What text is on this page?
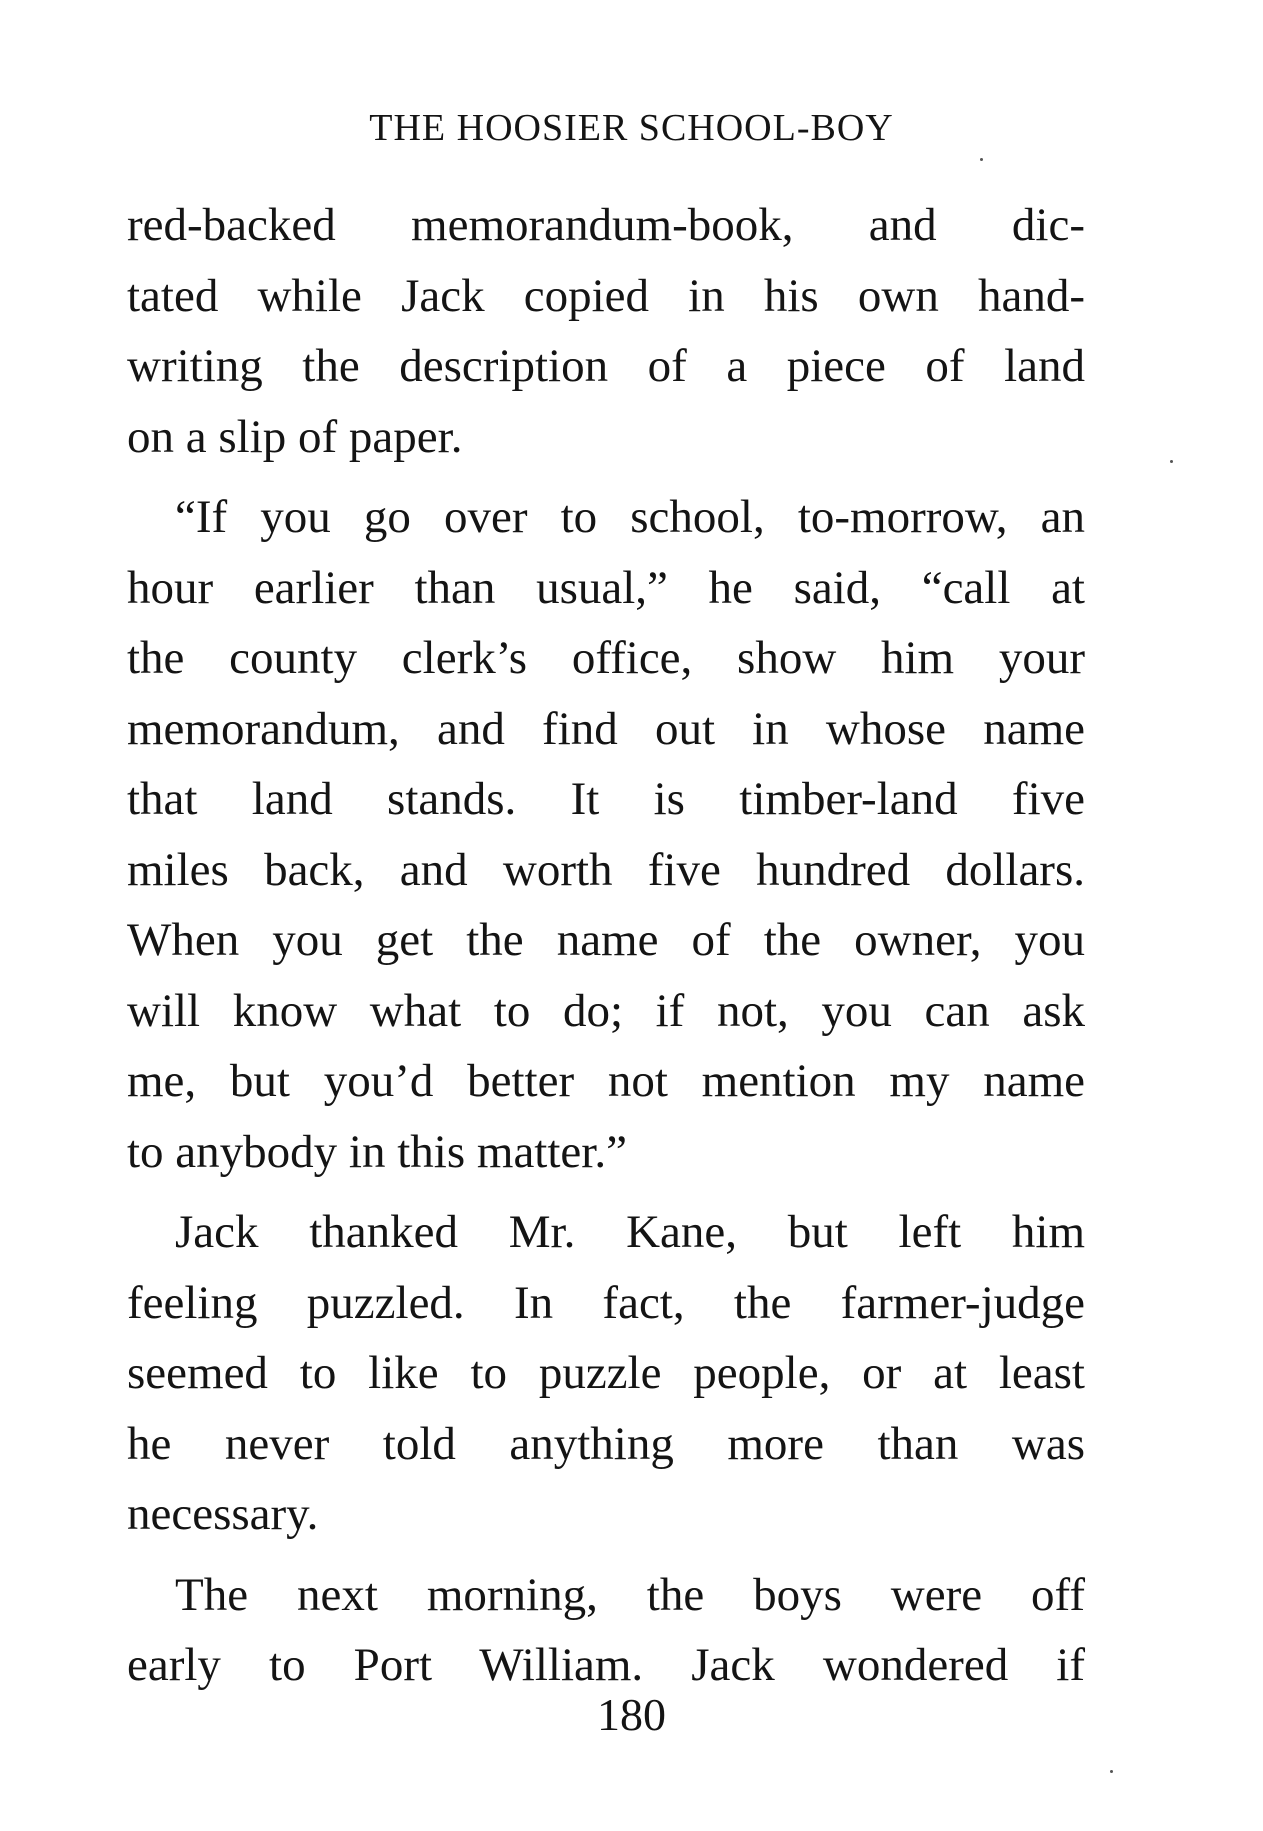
THE HOOSIER SCHOOL-BOY
red-backed memorandum-book, and dic-
tated while Jack copied in his own hand-
writing the description of a piece of land
on a slip of paper.
“If you go over to school, to-morrow, an
hour earlier than usual,” he said, “call at
the county clerk’s office, show him your
memorandum, and find out in whose name
that land stands. It is timber-land five
miles back, and worth five hundred dollars.
When you get the name of the owner, you
will know what to do; if not, you can ask
me, but you’d better not mention my name
to anybody in this matter.”
Jack thanked Mr. Kane, but left him
feeling puzzled. In fact, the farmer-judge
seemed to like to puzzle people, or at least
he never told anything more than was
necessary.
The next morning, the boys were off
early to Port William. Jack wondered if
180
